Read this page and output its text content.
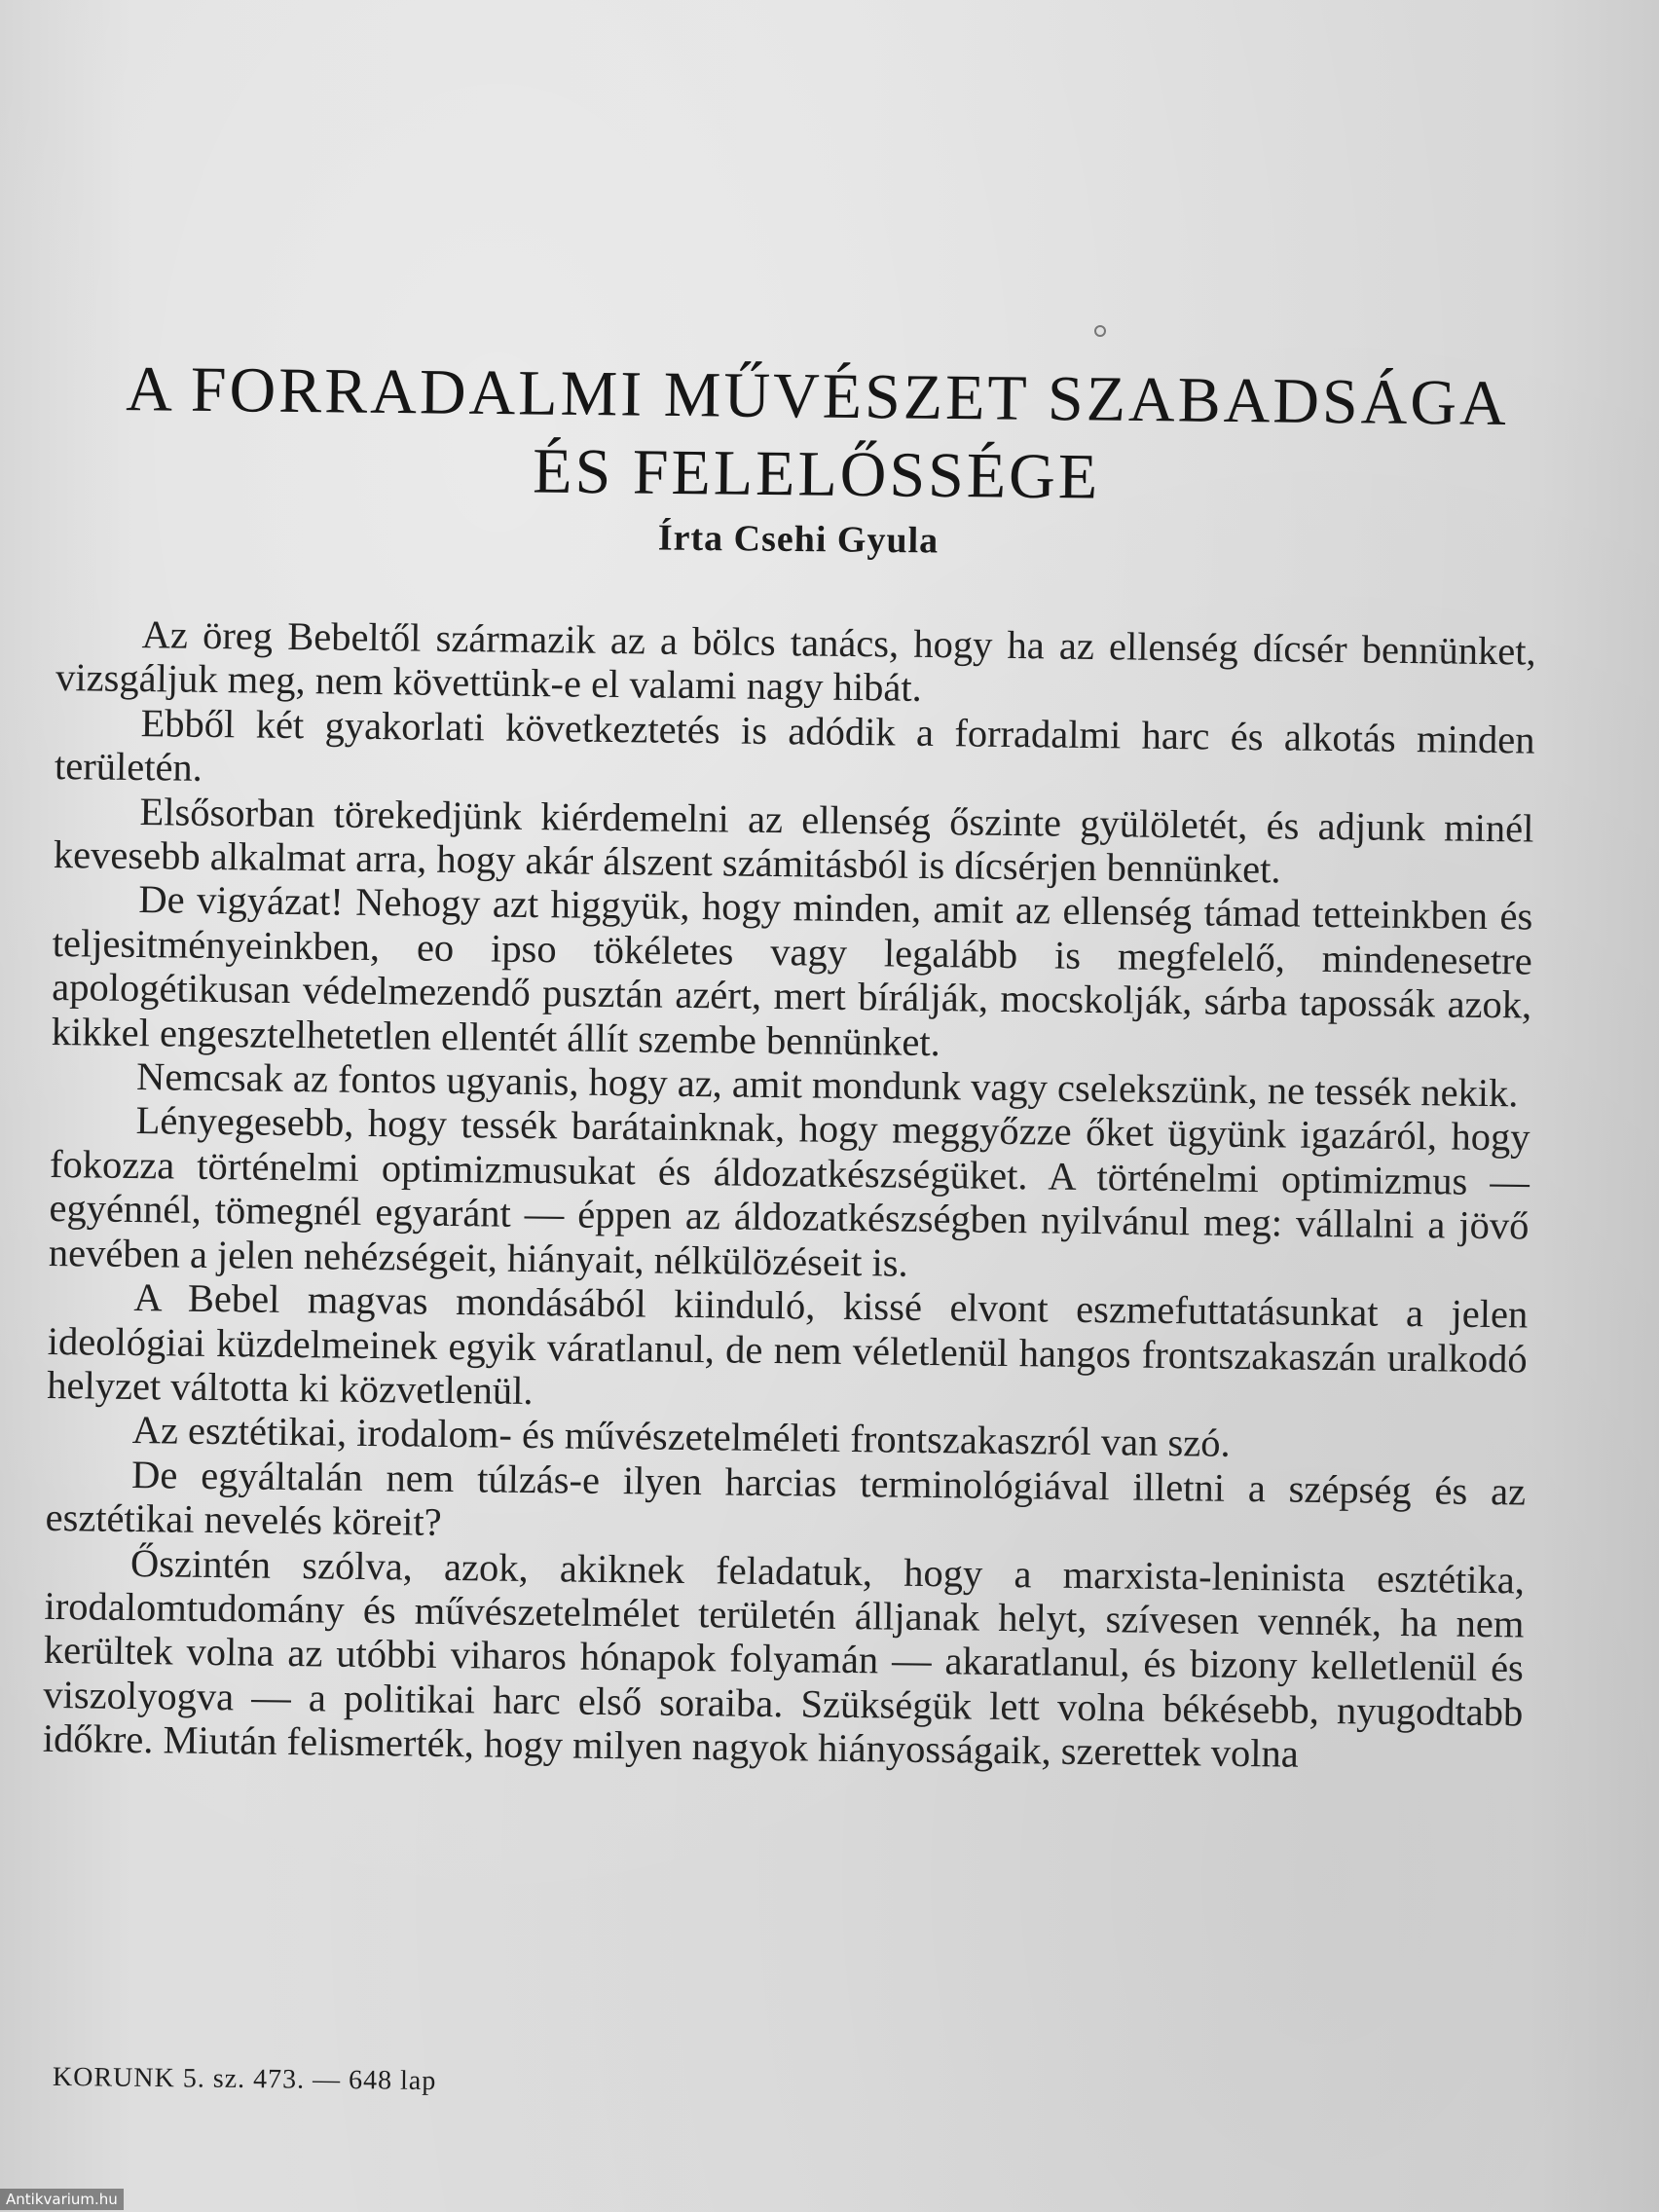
A FORRADALMI MŰVÉSZET SZABADSÁGA
ÉS FELELŐSSÉGE
Írta Csehi Gyula

Az öreg Bebeltől származik az a bölcs tanács, hogy ha az ellenség dícsér bennünket, vizsgáljuk meg, nem követtünk-e el valami nagy hibát.

Ebből két gyakorlati következtetés is adódik a forradalmi harc és alkotás minden területén.

Elsősorban törekedjünk kiérdemelni az ellenség őszinte gyülöletét, és adjunk minél kevesebb alkalmat arra, hogy akár álszent számitásból is dícsérjen bennünket.

De vigyázat! Nehogy azt higgyük, hogy minden, amit az ellenség támad tetteinkben és teljesitményeinkben, eo ipso tökéletes vagy legalább is megfelelő, mindenesetre apologétikusan védelmezendő pusztán azért, mert bírálják, mocskolják, sárba tapossák azok, kikkel engesztelhetetlen ellentét állít szembe bennünket.

Nemcsak az fontos ugyanis, hogy az, amit mondunk vagy cselekszünk, ne tessék nekik.

Lényegesebb, hogy tessék barátainknak, hogy meggyőzze őket ügyünk igazáról, hogy fokozza történelmi optimizmusukat és áldozatkészségüket. A történelmi optimizmus — egyénnél, tömegnél egyaránt — éppen az áldozatkészségben nyilvánul meg: vállalni a jövő nevében a jelen nehézségeit, hiányait, nélkülözéseit is.

A Bebel magvas mondásából kiinduló, kissé elvont eszmefuttatásunkat a jelen ideológiai küzdelmeinek egyik váratlanul, de nem véletlenül hangos frontszakaszán uralkodó helyzet váltotta ki közvetlenül.

Az esztétikai, irodalom- és művészetelméleti frontszakaszról van szó.

De egyáltalán nem túlzás-e ilyen harcias terminológiával illetni a szépség és az esztétikai nevelés köreit?

Őszintén szólva, azok, akiknek feladatuk, hogy a marxista-leninista esztétika, irodalomtudomány és művészetelmélet területén álljanak helyt, szívesen vennék, ha nem kerültek volna az utóbbi viharos hónapok folyamán — akaratlanul, és bizony kelletlenül és viszolyogva — a politikai harc első soraiba. Szükségük lett volna békésebb, nyugodtabb időkre. Miután felismerték, hogy milyen nagyok hiányosságaik, szerettek volna

KORUNK 5. sz. 473. — 648 lap
Antikvarium.hu
